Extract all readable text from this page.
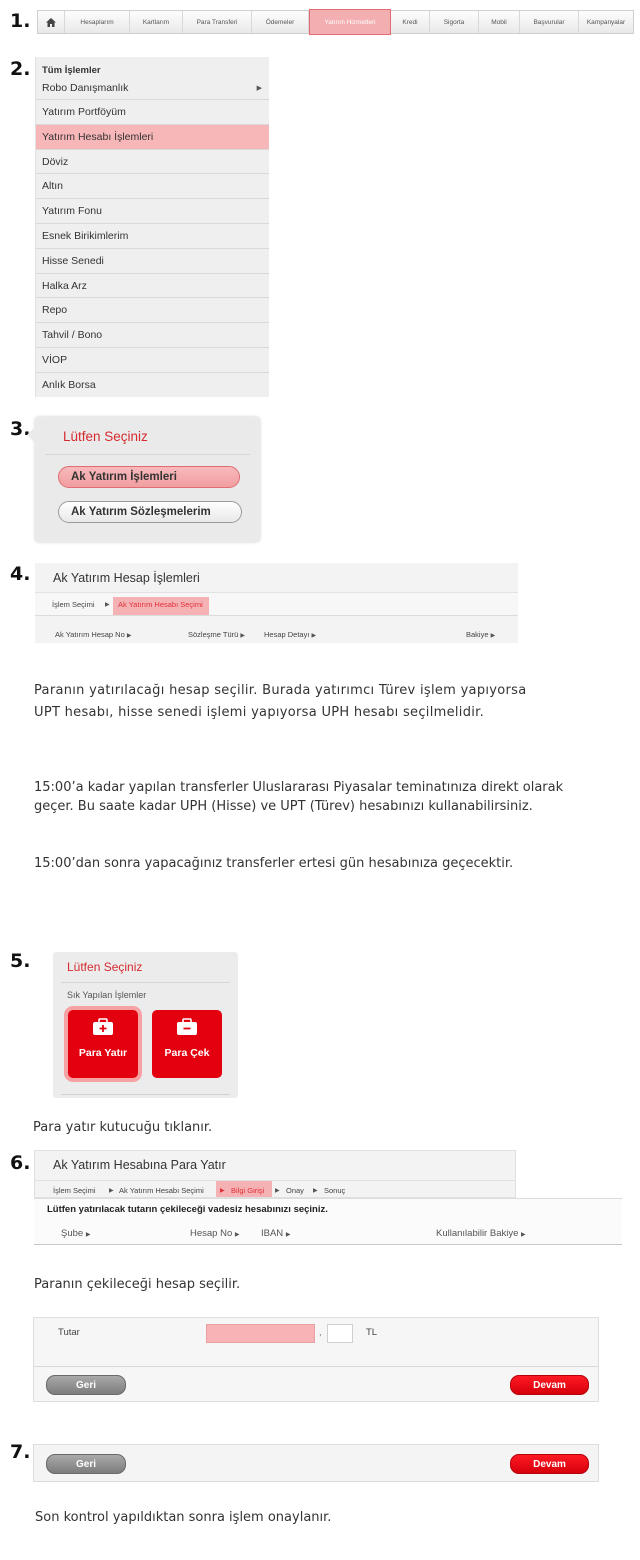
1.
2.
3.
4.
5.
6.
7.
Hesaplarım	Kartlarım	Para Transferi	Ödemeler	Yatırım Hizmetleri	Kredi	Sigorta	Mobil	Başvurular	Kampanyalar
Tüm İşlemler
Robo Danışmanlık	▶
Yatırım Portföyüm
Yatırım Hesabı İşlemleri
Döviz
Altın
Yatırım Fonu
Esnek Birikimlerim
Hisse Senedi
Halka Arz
Repo
Tahvil / Bono
VİOP
Anlık Borsa
Lütfen Seçiniz
Ak Yatırım İşlemleri
Ak Yatırım Sözleşmelerim
Ak Yatırım Hesap İşlemleri
İşlem Seçimi ▶	Ak Yatırım Hesabı Seçimi
Ak Yatırım Hesap No ▶	Sözleşme Türü ▶	Hesap Detayı ▶	Bakiye ▶
Paranın yatırılacağı hesap seçilir. Burada yatırımcı Türev işlem yapıyorsa UPT hesabı, hisse senedi işlemi yapıyorsa UPH hesabı seçilmelidir.
15:00’a kadar yapılan transferler Uluslararası Piyasalar teminatınıza direkt olarak geçer. Bu saate kadar UPH (Hisse) ve UPT (Türev) hesabınızı kullanabilirsiniz.
15:00’dan sonra yapacağınız transferler ertesi gün hesabınıza geçecektir.
Lütfen Seçiniz
Sık Yapılan İşlemler
Para Yatır	Para Çek
Para yatır kutucuğu tıklanır.
Ak Yatırım Hesabına Para Yatır
İşlem Seçimi ▶ Ak Yatırım Hesabı Seçimi	▶ Bilgi Girişi ▶ Onay ▶ Sonuç
Lütfen yatırılacak tutarın çekileceği vadesiz hesabınızı seçiniz.
Şube ▶	Hesap No ▶ IBAN ▶	Kullanılabilir Bakiye ▶
Paranın çekileceği hesap seçilir.
Tutar	,	TL
Geri	Devam
Geri	Devam
Son kontrol yapıldıktan sonra işlem onaylanır.
